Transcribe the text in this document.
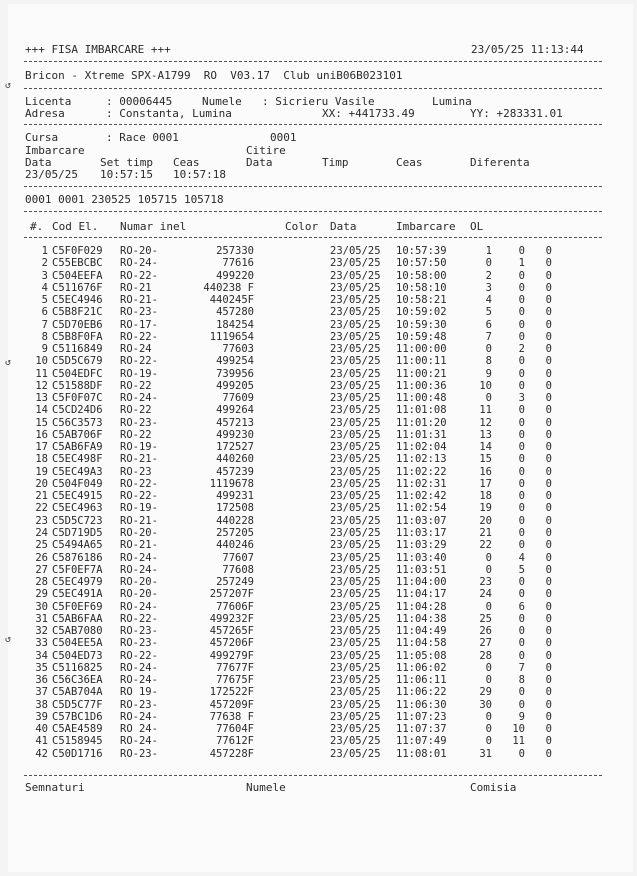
+++ FISA IMBARCARE +++	23/05/25 11:13:44
Bricon - Xtreme SPX-A1799  RO  V03.17  Club uniB06B023101
Licenta	: 00006445	Numele : Sicrieru Vasile	Lumina
Adresa	: Constanta, Lumina	XX: +441733.49	YY: +283331.01
Cursa	: Race 0001	0001
Imbarcare	Citire
Data	Set timp Ceas	Data	Timp	Ceas	Diferenta
23/05/25 10:57:15 10:57:18
0001 0001 230525 105715 105718
#. Cod El. Numar inel	Color Data	Imbarcare OL
1 C5F0F029 RO-20-	257330	23/05/25 10:57:39	1	0	0
2 C55EBCBC RO-24-	77616	23/05/25 10:57:50	0	1	0
3 C504EEFA RO-22-	499220	23/05/25 10:58:00	2	0	0
4 C511676F RO-21	440238 F	23/05/25 10:58:10	3	0	0
5 C5EC4946 RO-21-	440245F	23/05/25 10:58:21	4	0	0
6 C5B8F21C RO-23-	457280	23/05/25 10:59:02	5	0	0
7 C5D70EB6 RO-17-	184254	23/05/25 10:59:30	6	0	0
8 C5B8F0FA RO-22-	1119654	23/05/25 10:59:48	7	0	0
9 C5116849 RO-24	77603	23/05/25 11:00:00	0	2	0
10 C5D5C679 RO-22-	499254	23/05/25 11:00:11	8	0	0
11 C504EDFC RO-19-	739956	23/05/25 11:00:21	9	0	0
12 C51588DF RO-22	499205	23/05/25 11:00:36	10	0	0
13 C5F0F07C RO-24-	77609	23/05/25 11:00:48	0	3	0
14 C5CD24D6 RO-22	499264	23/05/25 11:01:08	11	0	0
15 C56C3573 RO-23-	457213	23/05/25 11:01:20	12	0	0
16 C5AB706F RO-22	499230	23/05/25 11:01:31	13	0	0
17 C5AB6FA9 RO-19-	172527	23/05/25 11:02:04	14	0	0
18 C5EC498F RO-21-	440260	23/05/25 11:02:13	15	0	0
19 C5EC49A3 RO-23	457239	23/05/25 11:02:22	16	0	0
20 C504F049 RO-22-	1119678	23/05/25 11:02:31	17	0	0
21 C5EC4915 RO-22-	499231	23/05/25 11:02:42	18	0	0
22 C5EC4963 RO-19-	172508	23/05/25 11:02:54	19	0	0
23 C5D5C723 RO-21-	440228	23/05/25 11:03:07	20	0	0
24 C5D719D5 RO-20-	257205	23/05/25 11:03:17	21	0	0
25 C5494A65 RO-21-	440246	23/05/25 11:03:29	22	0	0
26 C5876186 RO-24-	77607	23/05/25 11:03:40	0	4	0
27 C5F0EF7A RO-24-	77608	23/05/25 11:03:51	0	5	0
28 C5EC4979 RO-20-	257249	23/05/25 11:04:00	23	0	0
29 C5EC491A RO-20-	257207F	23/05/25 11:04:17	24	0	0
30 C5F0EF69 RO-24-	77606F	23/05/25 11:04:28	0	6	0
31 C5AB6FAA RO-22-	499232F	23/05/25 11:04:38	25	0	0
32 C5AB7080 RO-23-	457265F	23/05/25 11:04:49	26	0	0
33 C504EE5A RO-23-	457206F	23/05/25 11:04:58	27	0	0
34 C504ED73 RO-22-	499279F	23/05/25 11:05:08	28	0	0
35 C5116825 RO-24-	77677F	23/05/25 11:06:02	0	7	0
36 C56C36EA RO-24-	77675F	23/05/25 11:06:11	0	8	0
37 C5AB704A RO 19-	172522F	23/05/25 11:06:22	29	0	0
38 C5D5C77F RO-23-	457209F	23/05/25 11:06:30	30	0	0
39 C57BC1D6 RO-24-	77638 F	23/05/25 11:07:23	0	9	0
40 C5AE4589 RO 24-	77604F	23/05/25 11:07:37	0	10	0
41 C5158945 RO-24-	77612F	23/05/25 11:07:49	0	11	0
42 C50D1716 RO-23-	457228F	23/05/25 11:08:01	31	0	0
Semnaturi	Numele	Comisia
↺
↺
↺
